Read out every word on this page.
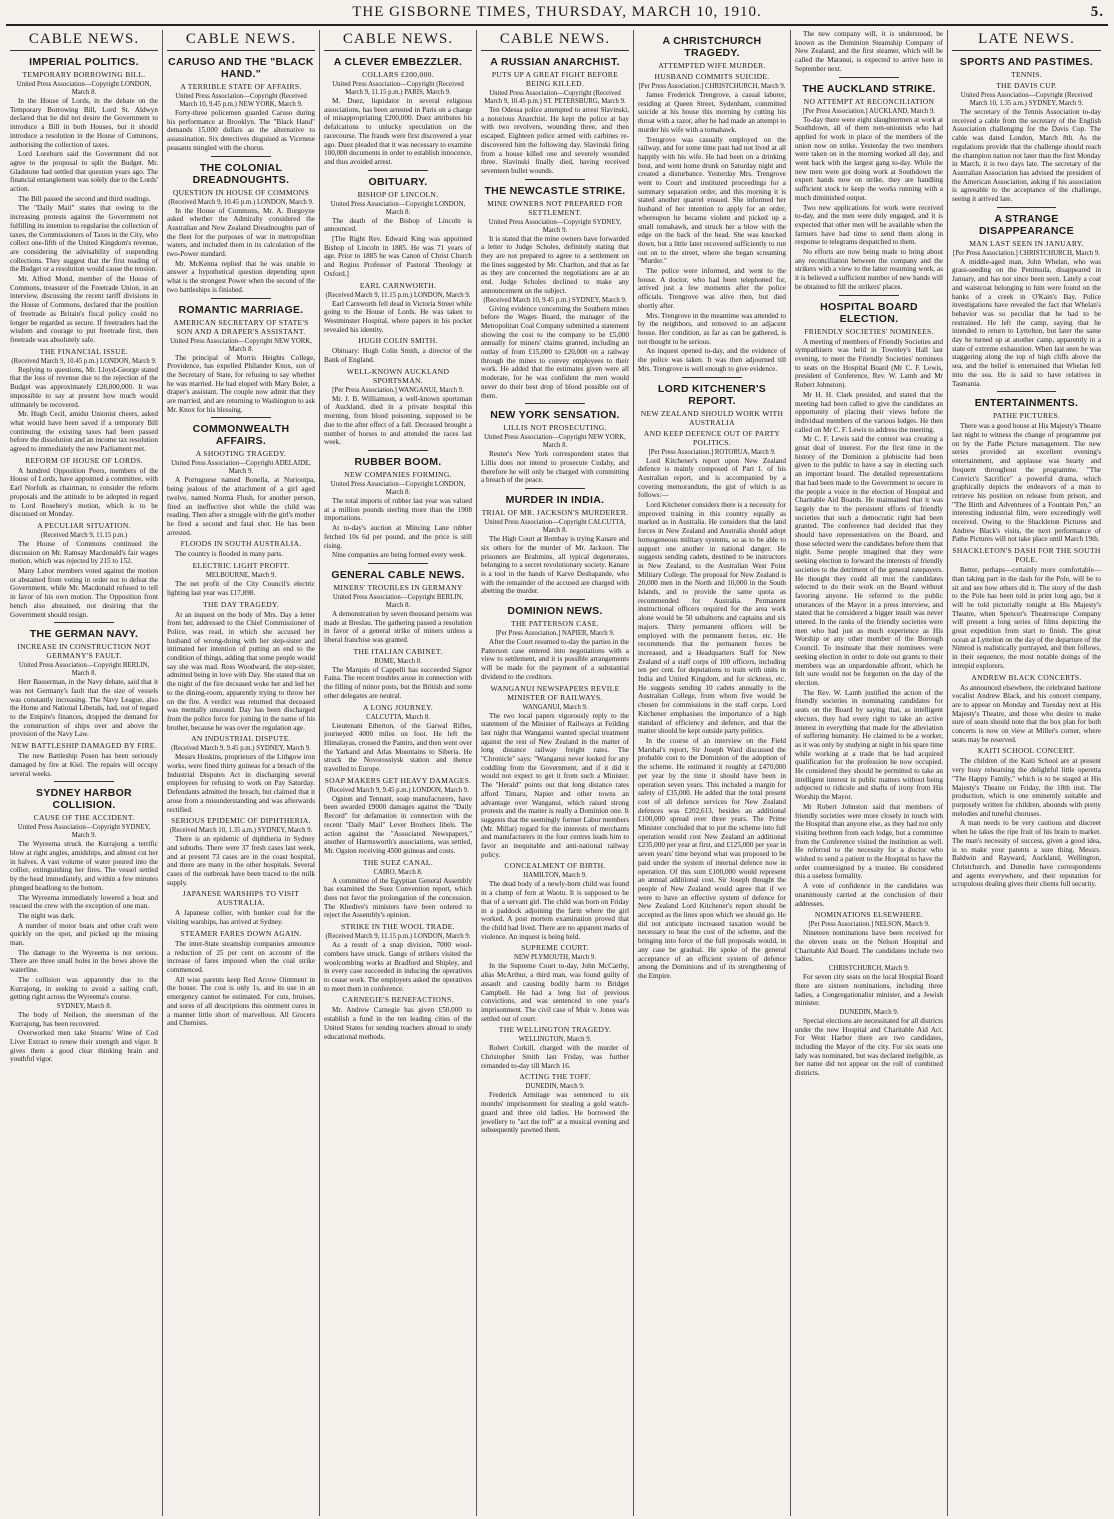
THE GISBORNE TIMES, THURSDAY, MARCH 10, 1910.	5.
CABLE NEWS.
IMPERIAL POLITICS.
TEMPORARY BORROWING BILL.
United Press Association—Copyright LONDON, March 8.
In the House of Lords, in the debate on the Temporary Borrowing Bill, Lord St. Aldwyn declared that he did not desire the Government to introduce a Bill in both Houses, but it should introduce a resolution in the House of Commons, authorising the collection of taxes.
Lord Loreburn said the Government did not agree to the proposal to split the Budget. Mr. Gladstone had settled that question years ago. The financial entanglement was solely due to the Lords' action.
The Bill passed the second and third readings.
The "Daily Mail" states that owing to the increasing protests against the Government not fulfilling its intention to regularise the collection of taxes, the Commissioners of Taxes in the City, who collect one-fifth of the United Kingdom's revenue, are considering the advisability of suspending collections. They suggest that the first reading of the Budget or a resolution would cause the tension.
Mr. Alfred Mond, member of the House of Commons, treasurer of the Freetrade Union, in an interview, discussing the recent tariff divisions in the House of Commons, declared that the position of freetrade as Britain's fiscal policy could no longer be regarded as secure. If freetraders had the wisdom and courage to put freetrade first, then freetrade was absolutely safe.
THE FINANCIAL ISSUE.
(Received March 9, 10.45 p.m.) LONDON, March 9.
Replying to questions, Mr. Lloyd-George stated that the loss of revenue due to the rejection of the Budget was approximately £28,000,000. It was impossible to say at present how much would ultimately be recovered.
Mr. Hugh Cecil, amidst Unionist cheers, asked what would have been saved if a temporary Bill continuing the existing taxes had been passed before the dissolution and an income tax resolution agreed to immediately the new Parliament met.
REFORM OF HOUSE OF LORDS.
A hundred Opposition Peers, members of the House of Lords, have appointed a committee, with Earl Norfolk as chairman, to consider the reform proposals and the attitude to be adopted in regard to Lord Rosebery's motion, which is to be discussed on Monday.
A PECULIAR SITUATION.
(Received March 9, 11.15 p.m.)
The House of Commons continued the discussion on Mr. Ramsay Macdonald's fair wages motion, which was rejected by 215 to 152.
Many Labor members voted against the motion or abstained from voting in order not to defeat the Government, while Mr. Macdonald refused to tell in favor of his own motion. The Opposition front bench also abstained, not desiring that the Government should resign.
THE GERMAN NAVY.
INCREASE IN CONSTRUCTION NOT GERMANY'S FAULT.
United Press Association—Copyright BERLIN, March 8.
Herr Basserman, in the Navy debate, said that it was not Germany's fault that the size of vessels was constantly increasing. The Navy League, also the Home and National Liberals, had, out of regard to the Empire's finances, dropped the demand for the construction of ships over and above the provision of the Navy Law.
NEW BATTLESHIP DAMAGED BY FIRE.
The new Battleship Posen has been seriously damaged by fire at Kiel. The repairs will occupy several weeks.
SYDNEY HARBOR COLLISION.
CAUSE OF THE ACCIDENT.
United Press Association—Copyright SYDNEY, March 9.
The Wyreema struck the Kurrajong a terrific blow at right angles, amidships, and almost cut her in halves. A vast volume of water poured into the collier, extinguishing her fires. The vessel settled by the head immediately, and within a few minutes plunged headlong to the bottom.
The Wyreema immediately lowered a boat and rescued the crew with the exception of one man.
The night was dark.
A number of motor boats and other craft were quickly on the spot, and picked up the missing man.
The damage to the Wyreema is not serious. There are three small holes in the bows above the waterline.
The collision was apparently due to the Kurrajong, in seeking to avoid a sailing craft, getting right across the Wyreema's course.
SYDNEY, March 8.
The body of Neilson, the steersman of the Kurrajong, has been recovered.
Overworked men take Stearns' Wine of Cod Liver Extract to renew their strength and vigor. It gives them a good clear thinking brain and youthful vigor.
CABLE NEWS.
CARUSO AND THE "BLACK HAND."
A TERRIBLE STATE OF AFFAIRS.
United Press Association—Copyright (Received March 10, 9.45 p.m.) NEW YORK, March 9.
Forty-three policemen guarded Caruso during his performance at Brooklyn. The "Black Hand" demands 15,000 dollars as the alternative to assassination. Six detectives disguised as Vicenese peasants mingled with the chorus.
THE COLONIAL DREADNOUGHTS.
QUESTION IN HOUSE OF COMMONS
(Received March 9, 10.45 p.m.) LONDON, March 9.
In the House of Commons, Mr. A. Burgoyne asked whether the Admiralty considered the Australian and New Zealand Dreadnoughts part of the fleet for the purposes of war in metropolitan waters, and included them in its calculation of the two-Power standard.
Mr. McKenna replied that he was unable to answer a hypothetical question depending upon what is the strongest Power when the second of the two battleships is finished.
ROMANTIC MARRIAGE.
AMERICAN SECRETARY OF STATE'S SON AND A DRAPER'S ASSISTANT.
United Press Association—Copyright NEW YORK, March 8.
The principal of Morris Heights College, Providence, has expelled Philander Knox, son of the Secretary of State, for refusing to say whether he was married. He had eloped with Mary Boler, a draper's assistant. The couple now admit that they are married, and are returning to Washington to ask Mr. Knox for his blessing.
COMMONWEALTH AFFAIRS.
A SHOOTING TRAGEDY.
United Press Association—Copyright ADELAIDE, March 9.
A Portuguese named Bonella, at Nuriootpa, being jealous of the attachment of a girl aged twelve, named Norma Flush, for another person, fired an ineffective shot while the child was reading. Then after a struggle with the girl's mother he fired a second and fatal shot. He has been arrested.
FLOODS IN SOUTH AUSTRALIA.
The country is flooded in many parts.
ELECTRIC LIGHT PROFIT.
MELBOURNE, March 9.
The net profit of the City Council's electric lighting last year was £17,898.
THE DAY TRAGEDY.
At an inquest on the body of Mrs. Day a letter from her, addressed to the Chief Commissioner of Police, was read, in which she accused her husband of wrong-doing with her step-sister and intimated her intention of putting an end to the condition of things, adding that some people would say she was mad. Ross Woodward, the step-sister, admitted being in love with Day. She stated that on the night of the fire deceased woke her and led her to the dining-room, apparently trying to throw her on the fire. A verdict was returned that deceased was mentally unsound. Day has been discharged from the police force for joining in the name of his brother, because he was over the regulation age.
AN INDUSTRIAL DISPUTE.
(Received March 9, 9.45 p.m.) SYDNEY, March 9.
Messrs Hoskins, proprietors of the Lithgow iron works, were fined thirty guineas for a breach of the Industrial Disputes Act in discharging several employees for refusing to work on Pay Saturday. Defendants admitted the breach, but claimed that it arose from a misunderstanding and was afterwards rectified.
SERIOUS EPIDEMIC OF DIPHTHERIA.
(Received March 10, 1.35 a.m.) SYDNEY, March 9.
There is an epidemic of diphtheria in Sydney and suburbs. There were 37 fresh cases last week, and at present 73 cases are in the coast hospital, and there are many in the other hospitals. Several cases of the outbreak have been traced to the milk supply.
JAPANESE WARSHIPS TO VISIT AUSTRALIA.
A Japanese collier, with bunker coal for the visiting warships, has arrived at Sydney.
STEAMER FARES DOWN AGAIN.
The inter-State steamship companies announce a reduction of 25 per cent on account of the increase of fares imposed when the coal strike commenced.
All wise parents keep Red Arrow Ointment in the house. The cost is only 1s, and its use in an emergency cannot be estimated. For cuts, bruises, and sores of all descriptions this ointment cures in a manner little short of marvellous. All Grocers and Chemists.
CABLE NEWS.
A CLEVER EMBEZZLER.
COLLARS £200,000.
United Press Association—Copyright (Received March 9, 11.15 p.m.) PARIS, March 9.
M. Duez, liquidator in several religious associations, has been arrested in Paris on a charge of misappropriating £200,000. Duez attributes his defalcations to unlucky speculation on the racecourse. The frauds were first discovered a year ago. Duez pleaded that it was necessary to examine 100,000 documents in order to establish innocence, and thus avoided arrest.
OBITUARY.
BISHOP OF LINCOLN.
United Press Association—Copyright LONDON, March 8.
The death of the Bishop of Lincoln is announced.
[The Right Rev. Edward King was appointed Bishop of Lincoln in 1885. He was 71 years of age. Prior to 1885 he was Canon of Christ Church and Regius Professor of Pastoral Theology at Oxford.]
EARL CARNWORTH.
(Received March 9, 11.15 p.m.) LONDON, March 9.
Earl Carnworth fell dead in Victoria Street while going to the House of Lords. He was taken to Westminster Hospital, where papers in his pocket revealed his identity.
HUGH COLIN SMITH.
Obituary: Hugh Colin Smith, a director of the Bank of England.
WELL-KNOWN AUCKLAND SPORTSMAN.
[Per Press Association.] WANGANUI, March 9.
Mr. J. B. Williamson, a well-known sportsman of Auckland, died in a private hospital this morning, from blood poisoning, supposed to be due to the after effect of a fall. Deceased brought a number of horses to and attended the races last week.
RUBBER BOOM.
NEW COMPANIES FORMING.
United Press Association—Copyright LONDON, March 8.
The total imports of rubber last year was valued at a million pounds sterling more than the 1908 importations.
At to-day's auction at Mincing Lane rubber fetched 10s 6d per pound, and the price is still rising.
Nine companies are being formed every week.
GENERAL CABLE NEWS.
MINERS' TROUBLES IN GERMANY
United Press Association—Copyright BERLIN, March 8.
A demonstration by seven thousand persons was made at Breslau. The gathering passed a resolution in favor of a general strike of miners unless a liberal franchise was granted.
THE ITALIAN CABINET.
ROME, March 8.
The Marquis of Cappelli has succeeded Signor Faina. The recent troubles arose in connection with the filling of minor posts, but the British and some other delegates are neutral.
A LONG JOURNEY.
CALCUTTA, March 8.
Lieutenant Etherton, of the Garwal Rifles, journeyed 4000 miles on foot. He left the Himalayas, crossed the Pamirs, and then went over the Yarkand and Atlas Mountains to Siberia. He struck the Novorossiysk station and thence travelled to Europe.
SOAP MAKERS GET HEAVY DAMAGES.
(Received March 9, 9.45 p.m.) LONDON, March 9.
Ogston and Tennant, soap manufacturers, have been awarded £9000 damages against the "Daily Record" for defamation in connection with the recent "Daily Mail" Lever Brothers libels. The action against the "Associated Newspapers," another of Harmsworth's associations, was settled, Mr. Ogston receiving 4500 guineas and costs.
THE SUEZ CANAL.
CAIRO, March 8.
A committee of the Egyptian General Assembly has examined the Suez Convention report, which does not favor the prolongation of the concession. The Khedive's ministers have been ordered to reject the Assembly's opinion.
STRIKE IN THE WOOL TRADE.
(Received March 9, 11.15 p.m.) LONDON, March 9.
As a result of a snap division, 7000 wool-combers have struck. Gangs of strikers visited the woolcombing works at Bradford and Shipley, and in every case succeeded in inducing the operatives to cease work. The employers asked the operatives to meet them in conference.
CARNEGIE'S BENEFACTIONS.
Mr. Andrew Carnegie has given £50,000 to establish a fund in the ten leading cities of the United States for sending teachers abroad to study educational methods.
CABLE NEWS.
A RUSSIAN ANARCHIST.
PUTS UP A GREAT FIGHT BEFORE BEING KILLED.
United Press Association—Copyright (Received March 9, 10.45 p.m.) ST. PETERSBURG, March 9.
Ten Odessa police attempted to arrest Slavinski, a notorious Anarchist. He kept the police at bay with two revolvers, wounding three, and then escaped. Eighteen police armed with carbines re-discovered him the following day. Slavinski firing from a house killed one and severely wounded three. Slavinski finally died, having received seventeen bullet wounds.
THE NEWCASTLE STRIKE.
MINE OWNERS NOT PREPARED FOR SETTLEMENT.
United Press Association—Copyright SYDNEY, March 9.
It is stated that the mine owners have forwarded a letter to Judge Scholes, definitely stating that they are not prepared to agree to a settlement on the lines suggested by Mr. Charlton, and that as far as they are concerned the negotiations are at an end. Judge Scholes declined to make any announcement on the subject.
(Received March 10, 9.45 p.m.) SYDNEY, March 9.
Giving evidence concerning the Southern mines before the Wages Board, the manager of the Metropolitan Coal Company submitted a statement showing the cost to the company to be £5,000 annually for miners' claims granted, including an outlay of from £15,000 to £20,000 on a railway through the mines to convey employees to their work. He added that the estimates given were all moderate, for he was confident the men would never do their best drop of blood possible out of them.
NEW YORK SENSATION.
LILLIS NOT PROSECUTING.
United Press Association—Copyright NEW YORK, March 8.
Reuter's New York correspondent states that Lillis does not intend to prosecute Cudahy, and therefore he will only be charged with committing a breach of the peace.
MURDER IN INDIA.
TRIAL OF MR. JACKSON'S MURDERER.
United Press Association—Copyright CALCUTTA, March 8.
The High Court at Bombay is trying Kanare and six others for the murder of Mr. Jackson. The prisoners are Brahmins, all typical degenerates, belonging to a secret revolutionary society. Kanare is a tool in the hands of Karve Deshapande, who with the remainder of the accused are charged with abetting the murder.
DOMINION NEWS.
THE PATTERSON CASE.
[Per Press Association.] NAPIER, March 9.
After the Court resumed to-day the parties in the Patterson case entered into negotiations with a view to settlement, and it is possible arrangements will be made for the payment of a substantial dividend to the creditors.
WANGANUI NEWSPAPERS REVILE MINISTER OF RAILWAYS.
WANGANUI, March 9.
The two local papers vigorously reply to the statement of the Minister of Railways at Feilding last night that Wanganui wanted special treatment against the rest of New Zealand in the matter of long distance railway freight rates. The "Chronicle" says: "Wanganui never looked for any coddling from the Government, and if it did it would not expect to get it from such a Minister. The "Herald" points out that long distance rates afford Timaru, Napier and other towns an advantage over Wanganui, which raised strong protests and the matter is really a Dominion one. It suggests that the seemingly former Labor members (Mr. Millar) regard for the interests of merchants and manufacturers in the four centres leads him to favor an inequitable and anti-national railway policy.
CONCEALMENT OF BIRTH.
HAMILTON, March 9.
The dead body of a newly-born child was found in a clump of fern at Waotu. It is supposed to be that of a servant girl. The child was born on Friday in a paddock adjoining the farm where the girl worked. A post mortem examination proved that the child had lived. There are no apparent marks of violence. An inquest is being held.
SUPREME COURT.
NEW PLYMOUTH, March 9.
In the Supreme Court to-day, John McCarthy, alias McArthur, a third man, was found guilty of assault and causing bodily harm to Bridget Campbell. He had a long list of previous convictions, and was sentenced to one year's imprisonment. The civil case of Muir v. Jones was settled out of court.
THE WELLINGTON TRAGEDY.
WELLINGTON, March 9.
Robert Corkill, charged with the murder of Christopher Smith last Friday, was further remanded to-day till March 16.
ACTING THE TOFF.
DUNEDIN, March 9.
Frederick Armitage was sentenced to six months' imprisonment for stealing a gold watch-guard and three old ladies. He borrowed the jewellery to "act the toff" at a musical evening and subsequently pawned them.
A CHRISTCHURCH TRAGEDY.
ATTEMPTED WIFE MURDER.
HUSBAND COMMITS SUICIDE.
[Per Press Association.] CHRISTCHURCH, March 9.
James Frederick Trengrove, a casual laborer, residing at Queen Street, Sydenham, committed suicide at his house this morning by cutting his throat with a razor, after he had made an attempt to murder his wife with a tomahawk.
Trengrove was casually employed on the railway, and for some time past had not lived at all happily with his wife. He had been on a drinking bout, and went home drunk on Saturday night and created a disturbance. Yesterday Mrs. Trengrove went to Court and instituted proceedings for a summary separation order, and this morning it is stated another quarrel ensued. She informed her husband of her intention to apply for an order, whereupon he became violent and picked up a small tomahawk, and struck her a blow with the edge on the back of the head. She was knocked down, but a little later recovered sufficiently to run out on to the street, where she began screaming "Murder."
The police were informed, and went to the house. A doctor, who had been telephoned for, arrived just a few moments after the police officials. Trengrove was alive then, but died shortly after.
Mrs. Trengrove in the meantime was attended to by the neighbors, and removed to an adjacent house. Her condition, as far as can be gathered, is not thought to be serious.
An inquest opened to-day, and the evidence of the police was taken. It was then adjourned till Mrs. Trengrove is well enough to give evidence.
LORD KITCHENER'S REPORT.
NEW ZEALAND SHOULD WORK WITH AUSTRALIA
AND KEEP DEFENCE OUT OF PARTY POLITICS.
[Per Press Association.] ROTORUA, March 9.
Lord Kitchener's report upon New Zealand defence is mainly composed of Part I. of his Australian report, and is accompanied by a covering memorandum, the gist of which is as follows:—
Lord Kitchener considers there is a necessity for improved training in this country equally as marked as in Australia. He considers that the land forces in New Zealand and Australia should adopt homogeneous military systems, so as to be able to support one another in national danger. He suggests sending cadets, destined to be instructors in New Zealand, to the Australian West Point Military College. The proposal for New Zealand is 20,000 men in the North and 10,000 in the South Islands, and to provide the same quota as recommended for Australia. Permanent instructional officers required for the area work alone would be 50 subalterns and captains and six majors. Thirty permanent officers will be employed with the permanent forces, etc. He recommends that the permanent forces be increased, and a Headquarters Staff for New Zealand of a staff corps of 100 officers, including ten per cent. for deputations to train with units in India and United Kingdom, and for sickness, etc. He suggests sending 10 cadets annually to the Australian College, from whom five would be chosen for commissions in the staff corps. Lord Kitchener emphasises the importance of a high standard of efficiency and defence, and that the matter should be kept outside party politics.
In the course of an interview on the Field Marshal's report, Sir Joseph Ward discussed the probable cost to the Dominion of the adoption of the scheme. He estimated it roughly at £470,000 per year by the time it should have been in operation seven years. This included a margin for safety of £35,000. He added that the total present cost of all defence services for New Zealand defences was £202,613, besides an additional £100,000 spread over three years. The Prime Minister concluded that to put the scheme into full operation would cost New Zealand an additional £235,000 per year at first, and £125,000 per year in seven years' time beyond what was proposed to be paid under the system of internal defence now in operation. Of this sum £100,000 would represent an annual additional cost. Sir Joseph thought the people of New Zealand would agree that if we were to have an effective system of defence for New Zealand Lord Kitchener's report should be accepted as the lines upon which we should go. He did not anticipate increased taxation would be necessary to bear the cost of the scheme, and the bringing into force of the full proposals would, in any case be gradual. He spoke of the general acceptance of an efficient system of defence among the Dominions and of its strengthening of the Empire.
The new company will, it is understood, be known as the Dominion Steamship Company of New Zealand, and the first steamer, which will be called the Maranui, is expected to arrive here in September next.
THE AUCKLAND STRIKE.
NO ATTEMPT AT RECONCILIATION
[Per Press Association.] AUCKLAND, March 9.
To-day there were eight slaughtermen at work at Southdown, all of them non-unionists who had applied for work in place of the members of the union now on strike. Yesterday the two members were taken on in the morning worked all day, and went back with the largest gang to-day. While the new men were got doing work at Southdown the expert hands now on strike, they are handling sufficient stock to keep the works running with a much diminished output.
Two new applications for work were received to-day, and the men were duly engaged, and it is expected that other men will be available when the farmers have had time to send them along in response to telegrams despatched to them.
No efforts are now being made to bring about any reconciliation between the company and the strikers with a view to the latter resuming work, as it is believed a sufficient number of new hands will be obtained to fill the strikers' places.
HOSPITAL BOARD ELECTION.
FRIENDLY SOCIETIES' NOMINEES.
A meeting of members of Friendly Societies and sympathisers was held in Townley's Hall last evening, to meet the Friendly Societies' nominees to seats on the Hospital Board (Mr C. F. Lewis, president of Conference, Rev. W. Lamb and Mr Robert Johnston).
Mr H. H. Clark presided, and stated that the meeting had been called to give the candidates an opportunity of placing their views before the individual members of the various lodges. He then called on Mr C. F. Lewis to address the meeting.
Mr C. F. Lewis said the contest was creating a great deal of interest. For the first time in the history of the Dominion a plebiscite had been given to the public to have a say in electing such an important board. The detailed representations that had been made to the Government to secure in the people a voice in the election of Hospital and Charitable Aid Boards. He maintained that it was largely due to the persistent efforts of friendly societies that such a democratic right had been granted. The conference had decided that they should have representatives on the Board, and those selected were the candidates before them that night. Some people imagined that they were seeking election to forward the interests of friendly societies to the detriment of the general ratepayers. He thought they could all trust the candidates selected to do their work on the Board without favoring anyone. He referred to the public utterances of the Mayor in a press interview, and stated that he considered a bigger insult was never uttered. In the ranks of the friendly societies were men who had just as much experience as His Worship or any other member of the Borough Council. To insinuate that their nominees were seeking election in order to dole out grants to their members was an unpardonable affront, which he felt sure would not be forgotten on the day of the election.
The Rev. W. Lamb justified the action of the friendly societies in nominating candidates for seats on the Board by saying that, as intelligent electors, they had every right to take an active interest in everything that made for the alleviation of suffering humanity. He claimed to be a worker, as it was only by studying at night in his spare time while working at a trade that he had acquired qualification for the profession he now occupied. He considered they should be permitted to take an intelligent interest in public matters without being subjected to ridicule and shafts of irony from His Worship the Mayor.
Mr Robert Johnston said that members of friendly societies were more closely in touch with the Hospital than anyone else, as they had not only visiting brethren from each lodge, but a committee from the Conference visited the institution as well. He referred to the necessity for a doctor who wished to send a patient to the Hospital to have the order countersigned by a trustee. He considered this a useless formality.
A vote of confidence in the candidates was unanimously carried at the conclusion of their addresses.
NOMINATIONS ELSEWHERE.
[Per Press Association.] NELSON, March 9.
Nineteen nominations have been received for the eleven seats on the Nelson Hospital and Charitable Aid Board. The candidates include two ladies.
CHRISTCHURCH, March 9.
For seven city seats on the local Hospital Board there are sixteen nominations, including three ladies, a Congregationalist minister, and a Jewish minister.
DUNEDIN, March 9.
Special elections are necessitated for all districts under the new Hospital and Charitable Aid Act. For West Harbor there are two candidates, including the Mayor of the city. For six seats one lady was nominated, but was declared ineligible, as her name did not appear on the roll of combined districts.
LATE NEWS.
SPORTS AND PASTIMES.
TENNIS.
THE DAVIS CUP.
United Press Association—Copyright (Received March 10, 1.35 a.m.) SYDNEY, March 9.
The secretary of the Tennis Association to-day received a cable from the secretary of the English Association challenging for the Davis Cup. The cable was dated London, March 8th. As the regulations provide that the challenge should reach the champion nation not later than the first Monday in March, it is two days late. The secretary of the Australian Association has advised the president of the American Association, asking if his association is agreeable to the acceptance of the challenge, seeing it arrived late.
A STRANGE DISAPPEARANCE
MAN LAST SEEN IN JANUARY.
[Per Press Association.] CHRISTCHURCH, March 9.
A middle-aged man, John Whelan, who was grass-seeding on the Peninsula, disappeared in January, and has not since been seen. Lately a coat and waistcoat belonging to him were found on the banks of a creek in O'Kain's Bay. Police investigations have revealed the fact that Whelan's behavior was so peculiar that he had to be restrained. He left the camp, saying that he intended to return to Lyttelton, but later the same day he turned up at another camp, apparently in a state of extreme exhaustion. When last seen he was staggering along the top of high cliffs above the sea, and the belief is entertained that Whelan fell into the sea. He is said to have relatives in Tasmania.
ENTERTAINMENTS.
PATHE PICTURES.
There was a good house at His Majesty's Theatre last night to witness the change of programme put on by the Pathe Picture management. The new series provided an excellent evening's entertainment, and applause was hearty and frequent throughout the programme. "The Convict's Sacrifice" a powerful drama, which graphically depicts the endeavors of a man to retrieve his position on release from prison, and "The Birth and Adventures of a Fountain Pen," an interesting industrial film, were exceedingly well received. Owing to the Shackleton Pictures and Andrew Black's visits, the next performance of Pathe Pictures will not take place until March 19th.
SHACKLETON'S DASH FOR THE SOUTH POLE.
Better, perhaps—certainly more comfortable—than taking part in the dash for the Pole, will be to sit and see how others did it. The story of the dash to the Pole has been told in print long ago, but it will be told pictorially tonight at His Majesty's Theatre, when Spencer's Theatrescope Company will present a long series of films depicting the great expedition from start to finish. The great ocean at Lyttelton on the day of the departure of the Nimrod is realistically portrayed, and then follows, in their sequence, the most notable doings of the intrepid explorers.
ANDREW BLACK CONCERTS.
As announced elsewhere, the celebrated baritone vocalist Andrew Black, and his concert company, are to appear on Monday and Tuesday next at His Majesty's Theatre, and those who desire to make sure of seats should note that the box plan for both concerts is now on view at Miller's corner, where seats may be reserved.
KAITI SCHOOL CONCERT.
The children of the Kaiti School are at present very busy rehearsing the delightful little operetta "The Happy Family," which is to be staged at His Majesty's Theatre on Friday, the 18th inst. The production, which is one eminently suitable and purposely written for children, abounds with pretty melodies and tuneful choruses.
A man needs to be very cautious and discreet when he takes the ripe fruit of his brain to market. The man's necessity of success, given a good idea, is to make your patents a sure thing. Messrs. Baldwin and Rayward, Auckland, Wellington, Christchurch, and Dunedin have correspondents and agents everywhere, and their reputation for scrupulous dealing gives their clients full security.
